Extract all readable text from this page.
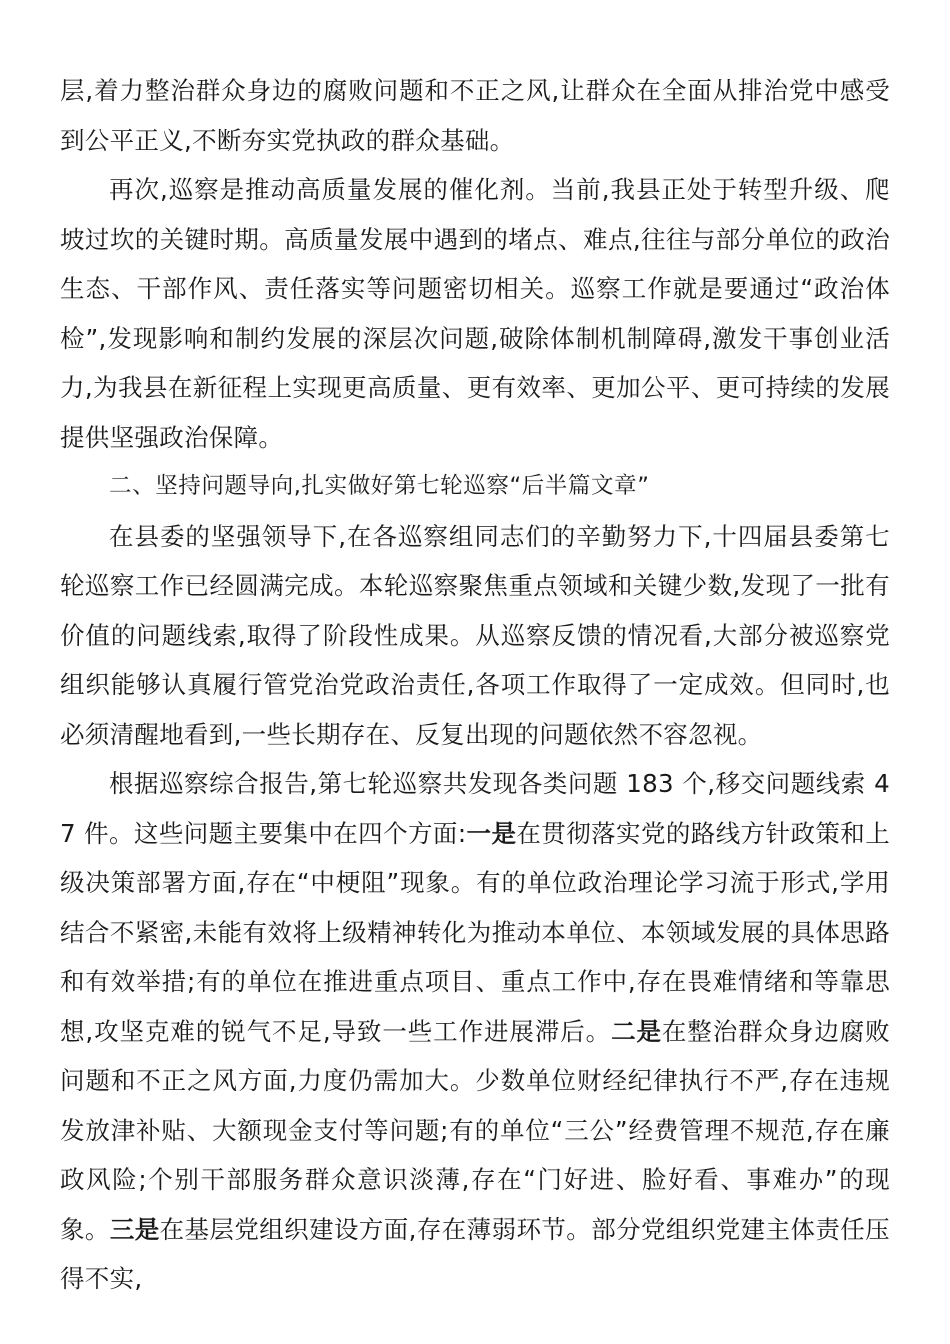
层,着力整治群众身边的腐败问题和不正之风,让群众在全面从排治党中感受到公平正义,不断夯实党执政的群众基础。

再次,巡察是推动高质量发展的催化剂。当前,我县正处于转型升级、爬坡过坎的关键时期。高质量发展中遇到的堵点、难点,往往与部分单位的政治生态、干部作风、责任落实等问题密切相关。巡察工作就是要通过“政治体检”,发现影响和制约发展的深层次问题,破除体制机制障碍,激发干事创业活力,为我县在新征程上实现更高质量、更有效率、更加公平、更可持续的发展提供坚强政治保障。

二、坚持问题导向,扎实做好第七轮巡察“后半篇文章”

在县委的坚强领导下,在各巡察组同志们的辛勤努力下,十四届县委第七轮巡察工作已经圆满完成。本轮巡察聚焦重点领域和关键少数,发现了一批有价值的问题线索,取得了阶段性成果。从巡察反馈的情况看,大部分被巡察党组织能够认真履行管党治党政治责任,各项工作取得了一定成效。但同时,也必须清醒地看到,一些长期存在、反复出现的问题依然不容忽视。

根据巡察综合报告,第七轮巡察共发现各类问题 183 个,移交问题线索 47 件。这些问题主要集中在四个方面:一是在贯彻落实党的路线方针政策和上级决策部署方面,存在“中梗阻”现象。有的单位政治理论学习流于形式,学用结合不紧密,未能有效将上级精神转化为推动本单位、本领域发展的具体思路和有效举措;有的单位在推进重点项目、重点工作中,存在畏难情绪和等靠思想,攻坚克难的锐气不足,导致一些工作进展滞后。二是在整治群众身边腐败问题和不正之风方面,力度仍需加大。少数单位财经纪律执行不严,存在违规发放津补贴、大额现金支付等问题;有的单位“三公”经费管理不规范,存在廉政风险;个别干部服务群众意识淡薄,存在“门好进、脸好看、事难办”的现象。三是在基层党组织建设方面,存在薄弱环节。部分党组织党建主体责任压得不实,
